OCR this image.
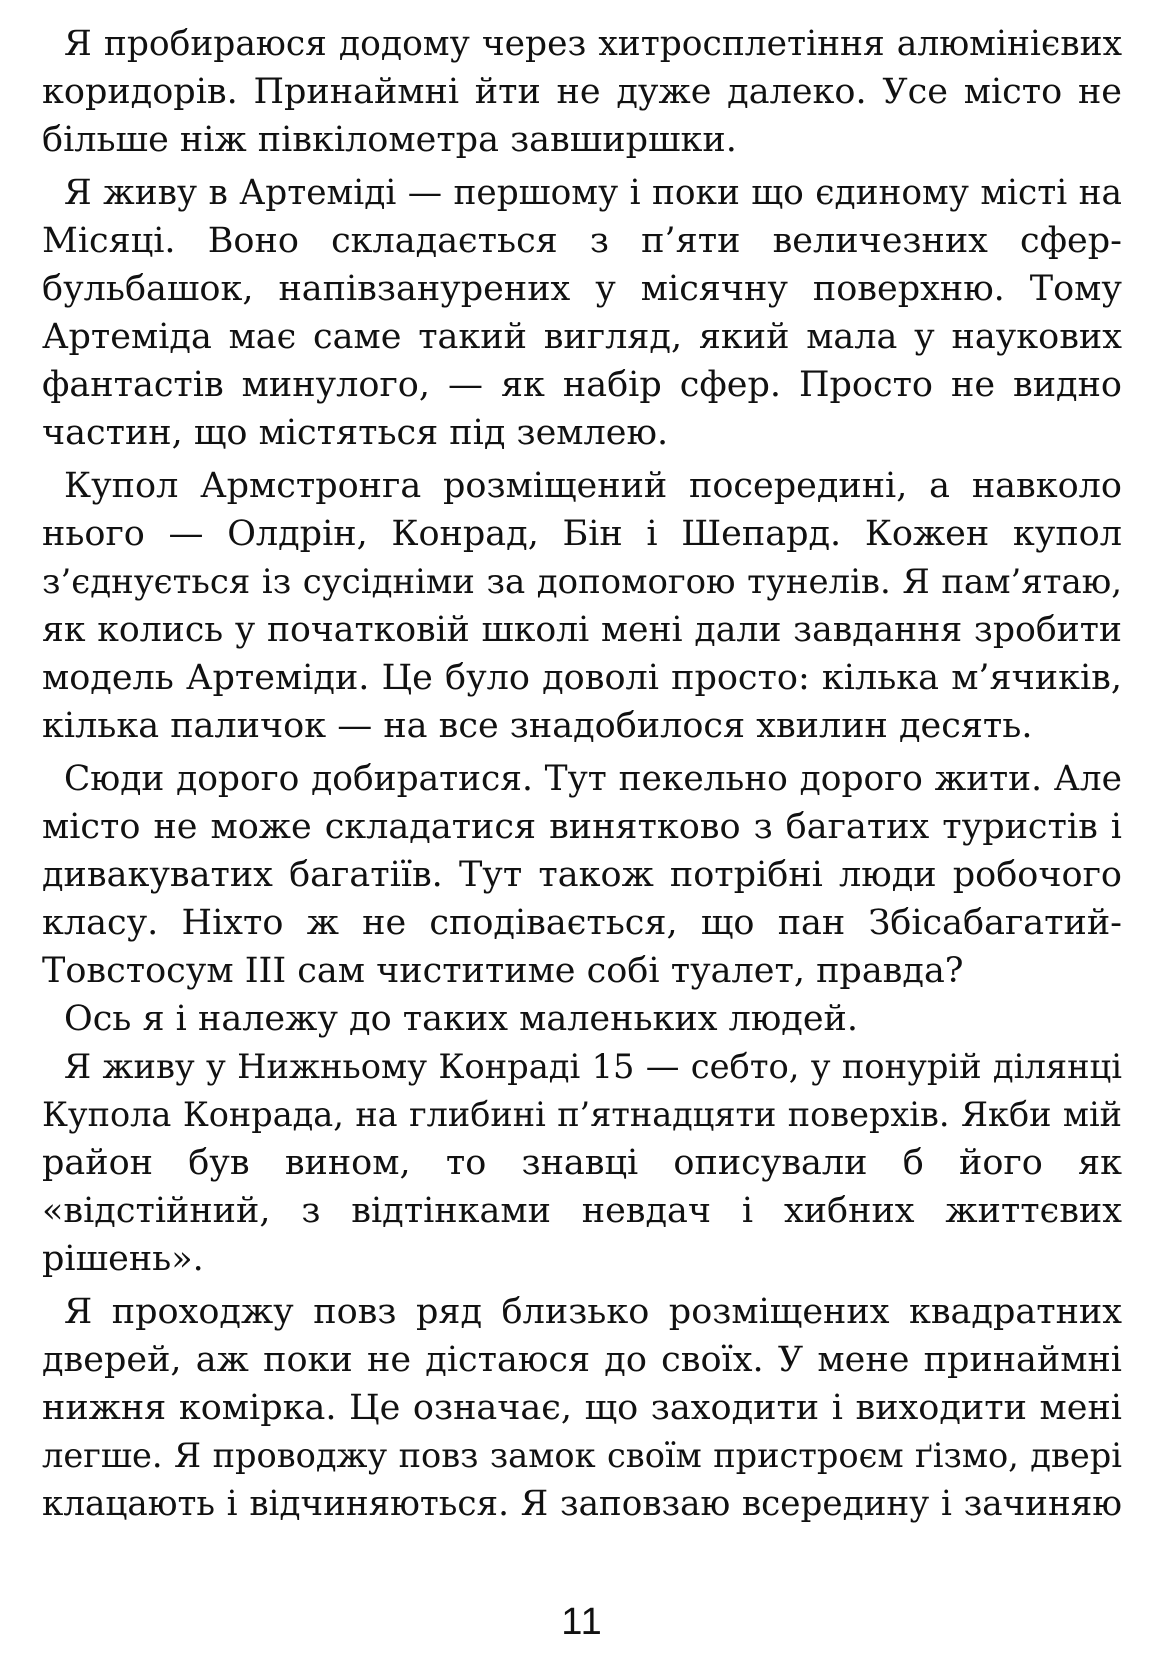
Я пробираюся додому через хитросплетіння алюмінієвих
коридорів. Принаймні йти не дуже далеко. Усе місто не
більше ніж півкілометра завширшки.
Я живу в Артеміді — першому і поки що єдиному місті на
Місяці. Воно складається з п’яти величезних сфер-
бульбашок, напівзанурених у місячну поверхню. Тому
Артеміда має саме такий вигляд, який мала у наукових
фантастів минулого, — як набір сфер. Просто не видно
частин, що містяться під землею.
Купол Армстронга розміщений посередині, а навколо
нього — Олдрін, Конрад, Бін і Шепард. Кожен купол
з’єднується із сусідніми за допомогою тунелів. Я пам’ятаю,
як колись у початковій школі мені дали завдання зробити
модель Артеміди. Це було доволі просто: кілька м’ячиків,
кілька паличок — на все знадобилося хвилин десять.
Сюди дорого добиратися. Тут пекельно дорого жити. Але
місто не може складатися винятково з багатих туристів і
дивакуватих багатіїв. Тут також потрібні люди робочого
класу. Ніхто ж не сподівається, що пан Збісабагатий-
Товстосум III сам чиститиме собі туалет, правда?
Ось я і належу до таких маленьких людей.
Я живу у Нижньому Конраді 15 — себто, у понурій ділянці
Купола Конрада, на глибині п’ятнадцяти поверхів. Якби мій
район був вином, то знавці описували б його як
«відстійний, з відтінками невдач і хибних життєвих
рішень».
Я проходжу повз ряд близько розміщених квадратних
дверей, аж поки не дістаюся до своїх. У мене принаймні
нижня комірка. Це означає, що заходити і виходити мені
легше. Я проводжу повз замок своїм пристроєм ґізмо, двері
клацають і відчиняються. Я заповзаю всередину і зачиняю
11
